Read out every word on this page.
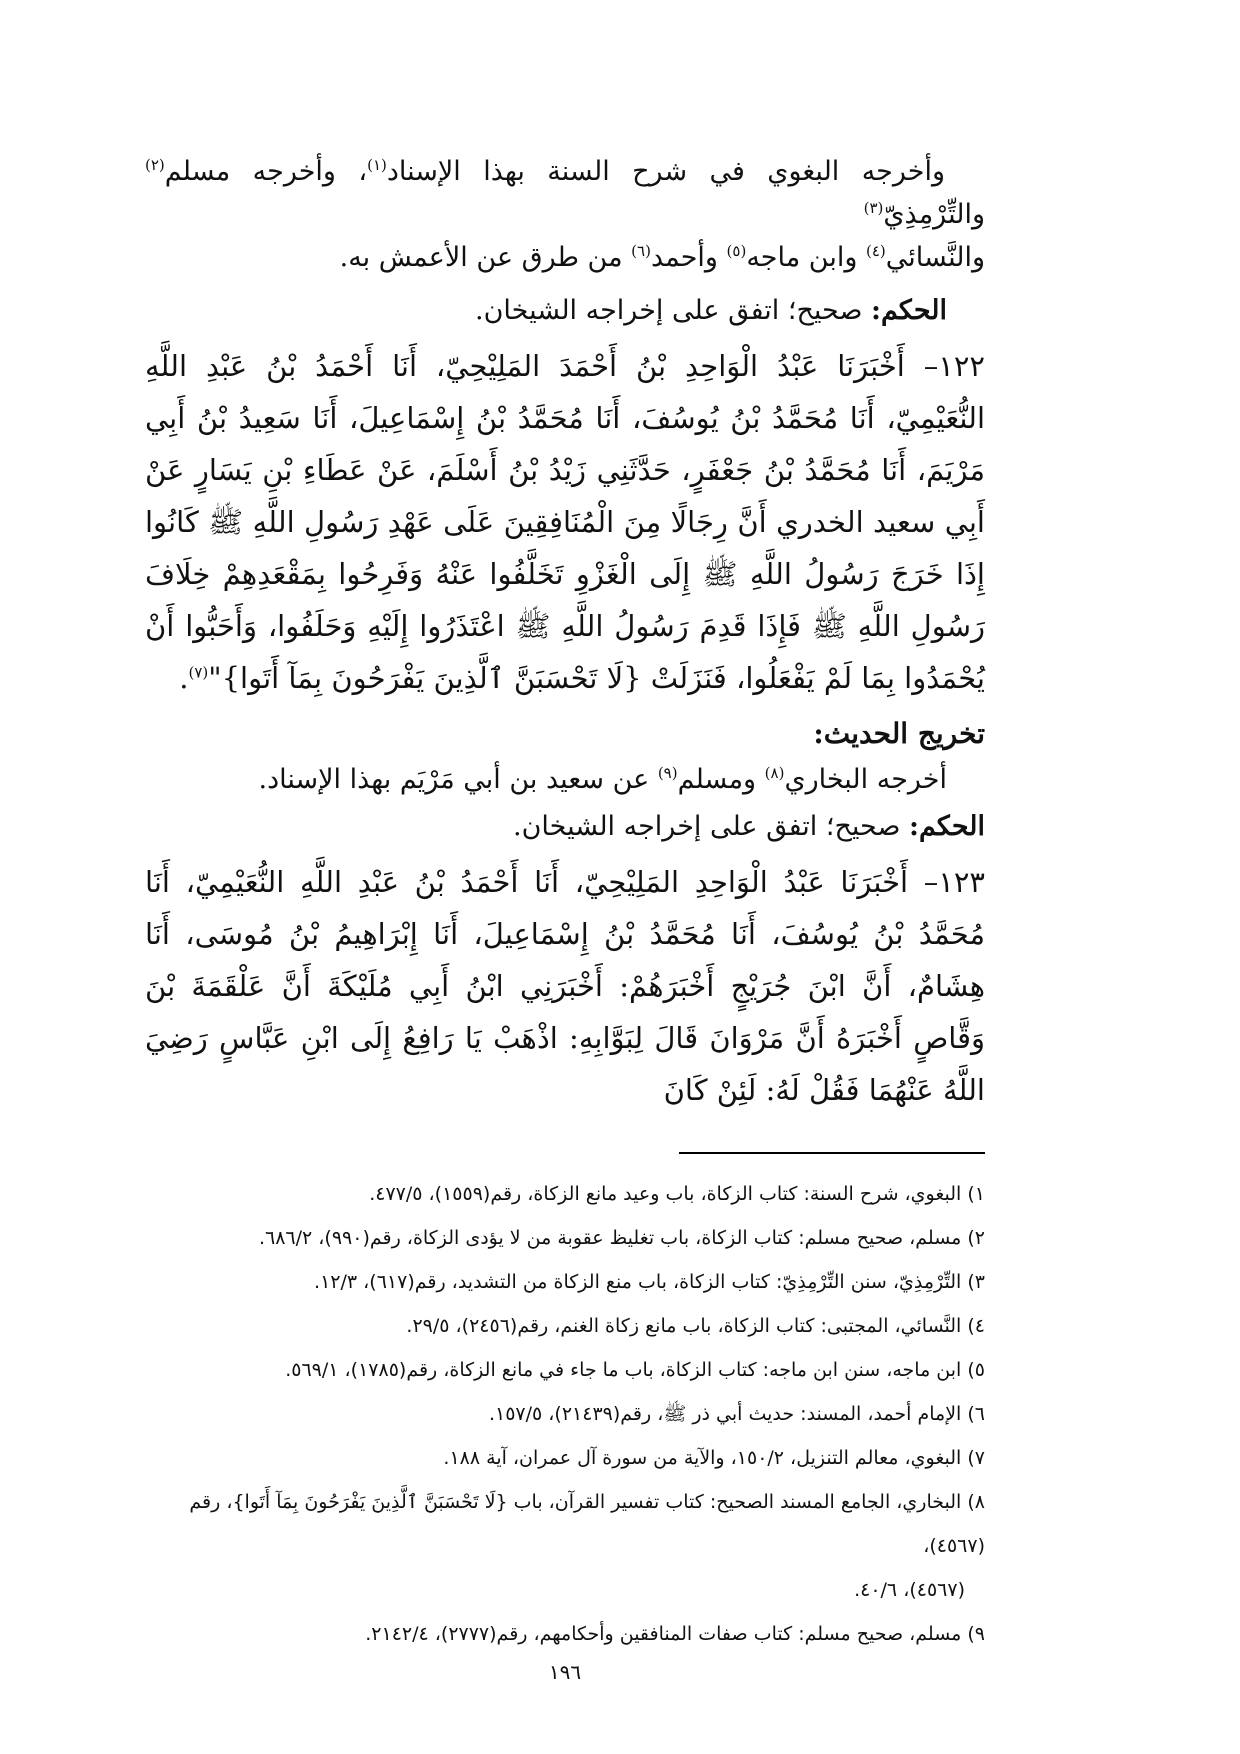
وأخرجه البغوي في شرح السنة بهذا الإسناد$^{(١)}$، وأخرجه مسلم$^{(٢)}$ والتِّرْمِذِيّ$^{(٣)}$

والنَّسائي$^{(٤)}$ وابن ماجه$^{(٥)}$ وأحمد$^{(٦)}$ من طرق عن الأعمش به.

الحكم: صحيح؛ اتفق على إخراجه الشيخان.

١٢٢– أَخْبَرَنَا عَبْدُ الْوَاحِدِ بْنُ أَحْمَدَ المَلِيْحِيّ، أَنَا أَحْمَدُ بْنُ عَبْدِ اللَّهِ النُّعَيْمِيّ، أَنَا مُحَمَّدُ بْنُ يُوسُفَ، أَنَا مُحَمَّدُ بْنُ إِسْمَاعِيلَ، أَنَا سَعِيدُ بْنُ أَبِي مَرْيَمَ، أَنَا مُحَمَّدُ بْنُ جَعْفَرٍ، حَدَّثَنِي زَيْدُ بْنُ أَسْلَمَ، عَنْ عَطَاءِ بْنِ يَسَارٍ عَنْ أَبِي سعيد الخدري أَنَّ رِجَالًا مِنَ الْمُنَافِقِينَ عَلَى عَهْدِ رَسُولِ اللَّهِ ﷺ كَانُوا إِذَا خَرَجَ رَسُولُ اللَّهِ ﷺ إِلَى الْغَزْوِ تَخَلَّفُوا عَنْهُ وَفَرِحُوا بِمَقْعَدِهِمْ خِلَافَ رَسُولِ اللَّهِ ﷺ فَإِذَا قَدِمَ رَسُولُ اللَّهِ ﷺ اعْتَذَرُوا إِلَيْهِ وَحَلَفُوا، وَأَحَبُّوا أَنْ يُحْمَدُوا بِمَا لَمْ يَفْعَلُوا، فَنَزَلَتْ {لَا تَحْسَبَنَّ ٱلَّذِينَ يَفْرَحُونَ بِمَآ أَتَوا}"$^{(٧)}$.

تخريج الحديث:

أخرجه البخاري$^{(٨)}$ ومسلم$^{(٩)}$ عن سعيد بن أبي مَرْيَم بهذا الإسناد.

الحكم: صحيح؛ اتفق على إخراجه الشيخان.

١٢٣– أَخْبَرَنَا عَبْدُ الْوَاحِدِ المَلِيْحِيّ، أَنَا أَحْمَدُ بْنُ عَبْدِ اللَّهِ النُّعَيْمِيّ، أَنَا مُحَمَّدُ بْنُ يُوسُفَ، أَنَا مُحَمَّدُ بْنُ إِسْمَاعِيلَ، أَنَا إِبْرَاهِيمُ بْنُ مُوسَى، أَنَا هِشَامٌ، أَنَّ ابْنَ جُرَيْجٍ أَخْبَرَهُمْ: أَخْبَرَنِي ابْنُ أَبِي مُلَيْكَةَ أَنَّ عَلْقَمَةَ بْنَ وَقَّاصٍ أَخْبَرَهُ أَنَّ مَرْوَانَ قَالَ لِبَوَّابِهِ: اذْهَبْ يَا رَافِعُ إِلَى ابْنِ عَبَّاسٍ رَضِيَ اللَّهُ عَنْهُمَا فَقُلْ لَهُ: لَئِنْ كَانَ

١) البغوي، شرح السنة: كتاب الزكاة، باب وعيد مانع الزكاة، رقم(١٥٥٩)، ٤٧٧/٥.

٢) مسلم، صحيح مسلم: كتاب الزكاة، باب تغليظ عقوبة من لا يؤدى الزكاة، رقم(٩٩٠)، ٦٨٦/٢.

٣) التِّرْمِذِيّ، سنن التِّرْمِذِيّ: كتاب الزكاة، باب منع الزكاة من التشديد، رقم(٦١٧)، ١٢/٣.

٤) النَّسائي، المجتبى: كتاب الزكاة، باب مانع زكاة الغنم، رقم(٢٤٥٦)، ٢٩/٥.

٥) ابن ماجه، سنن ابن ماجه: كتاب الزكاة، باب ما جاء في مانع الزكاة، رقم(١٧٨٥)، ٥٦٩/١.

٦) الإمام أحمد، المسند: حديث أبي ذر ﷺ، رقم(٢١٤٣٩)، ١٥٧/٥.

٧) البغوي، معالم التنزيل، ١٥٠/٢، والآية من سورة آل عمران، آية ١٨٨.

٨) البخاري، الجامع المسند الصحيح: كتاب تفسير القرآن، باب {لَا تَحْسَبَنَّ ٱلَّذِينَ يَفْرَحُونَ بِمَآ أَتَوا}، رقم (٤٥٦٧)،

(٤٥٦٧)، ٤٠/٦.

٩) مسلم، صحيح مسلم: كتاب صفات المنافقين وأحكامهم، رقم(٢٧٧٧)، ٢١٤٢/٤.

١٩٦
